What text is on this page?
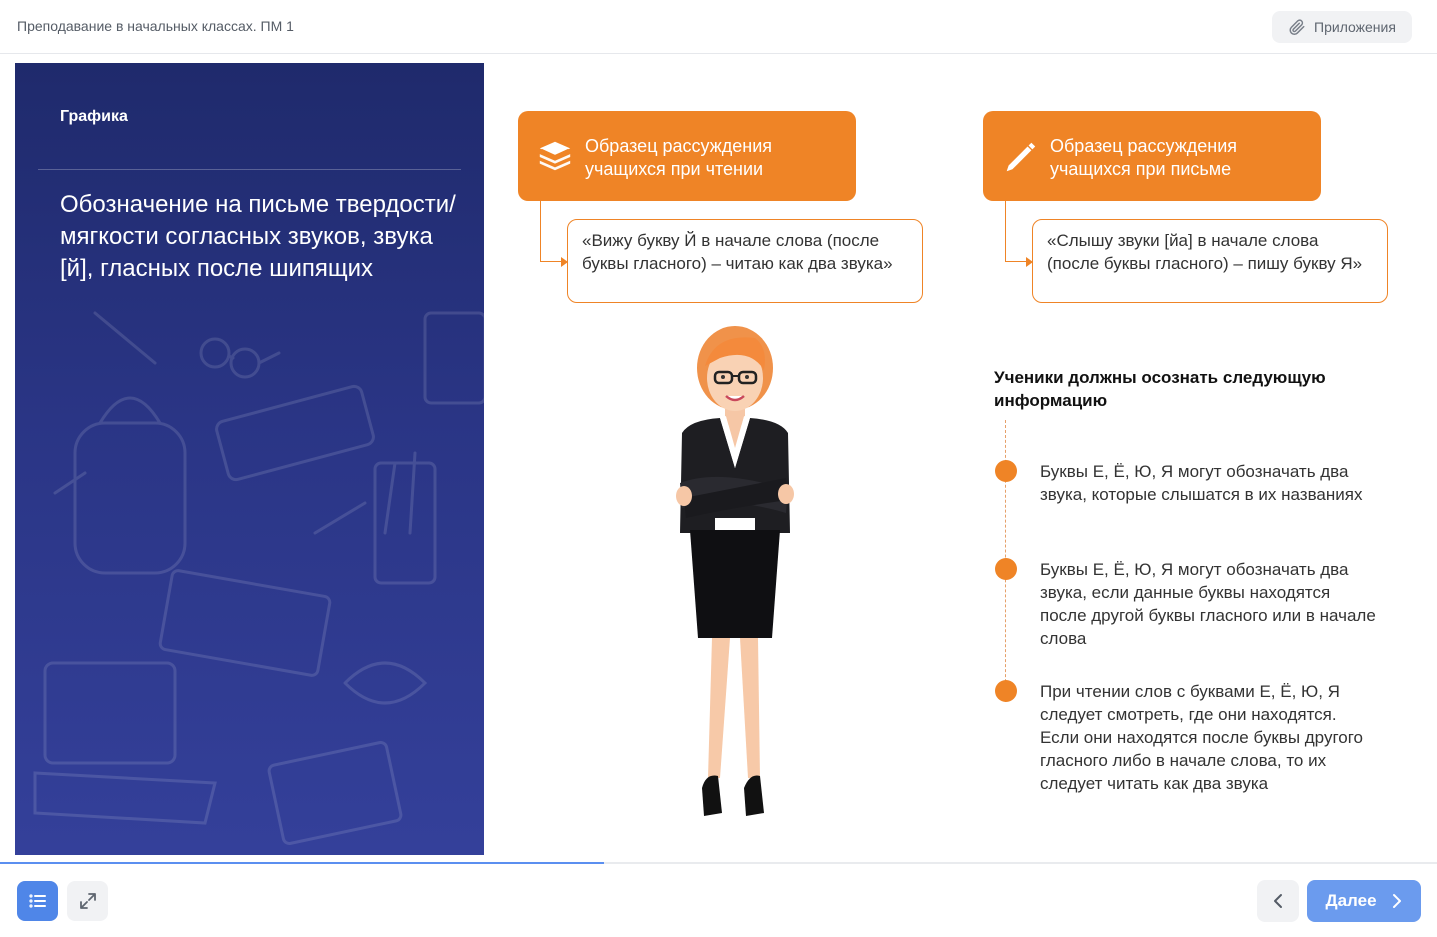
Преподавание в начальных классах. ПМ 1	Приложения
Графика
Обозначение на письме твердости/мягкости согласных звуков, звука [й], гласных после шипящих
Образец рассуждения учащихся при чтении
«Вижу букву Й в начале слова (после буквы гласного) – читаю как два звука»
Образец рассуждения учащихся при письме
«Слышу звуки [йа] в начале слова (после буквы гласного) – пишу букву Я»
Ученики должны осознать следующую информацию
Буквы Е, Ё, Ю, Я могут обозначать два звука, которые слышатся в их названиях
Буквы Е, Ё, Ю, Я могут обозначать два звука, если данные буквы находятся после другой буквы гласного или в начале слова
При чтении слов с буквами Е, Ё, Ю, Я следует смотреть, где они находятся. Если они находятся после буквы другого гласного либо в начале слова, то их следует читать как два звука
Далее
